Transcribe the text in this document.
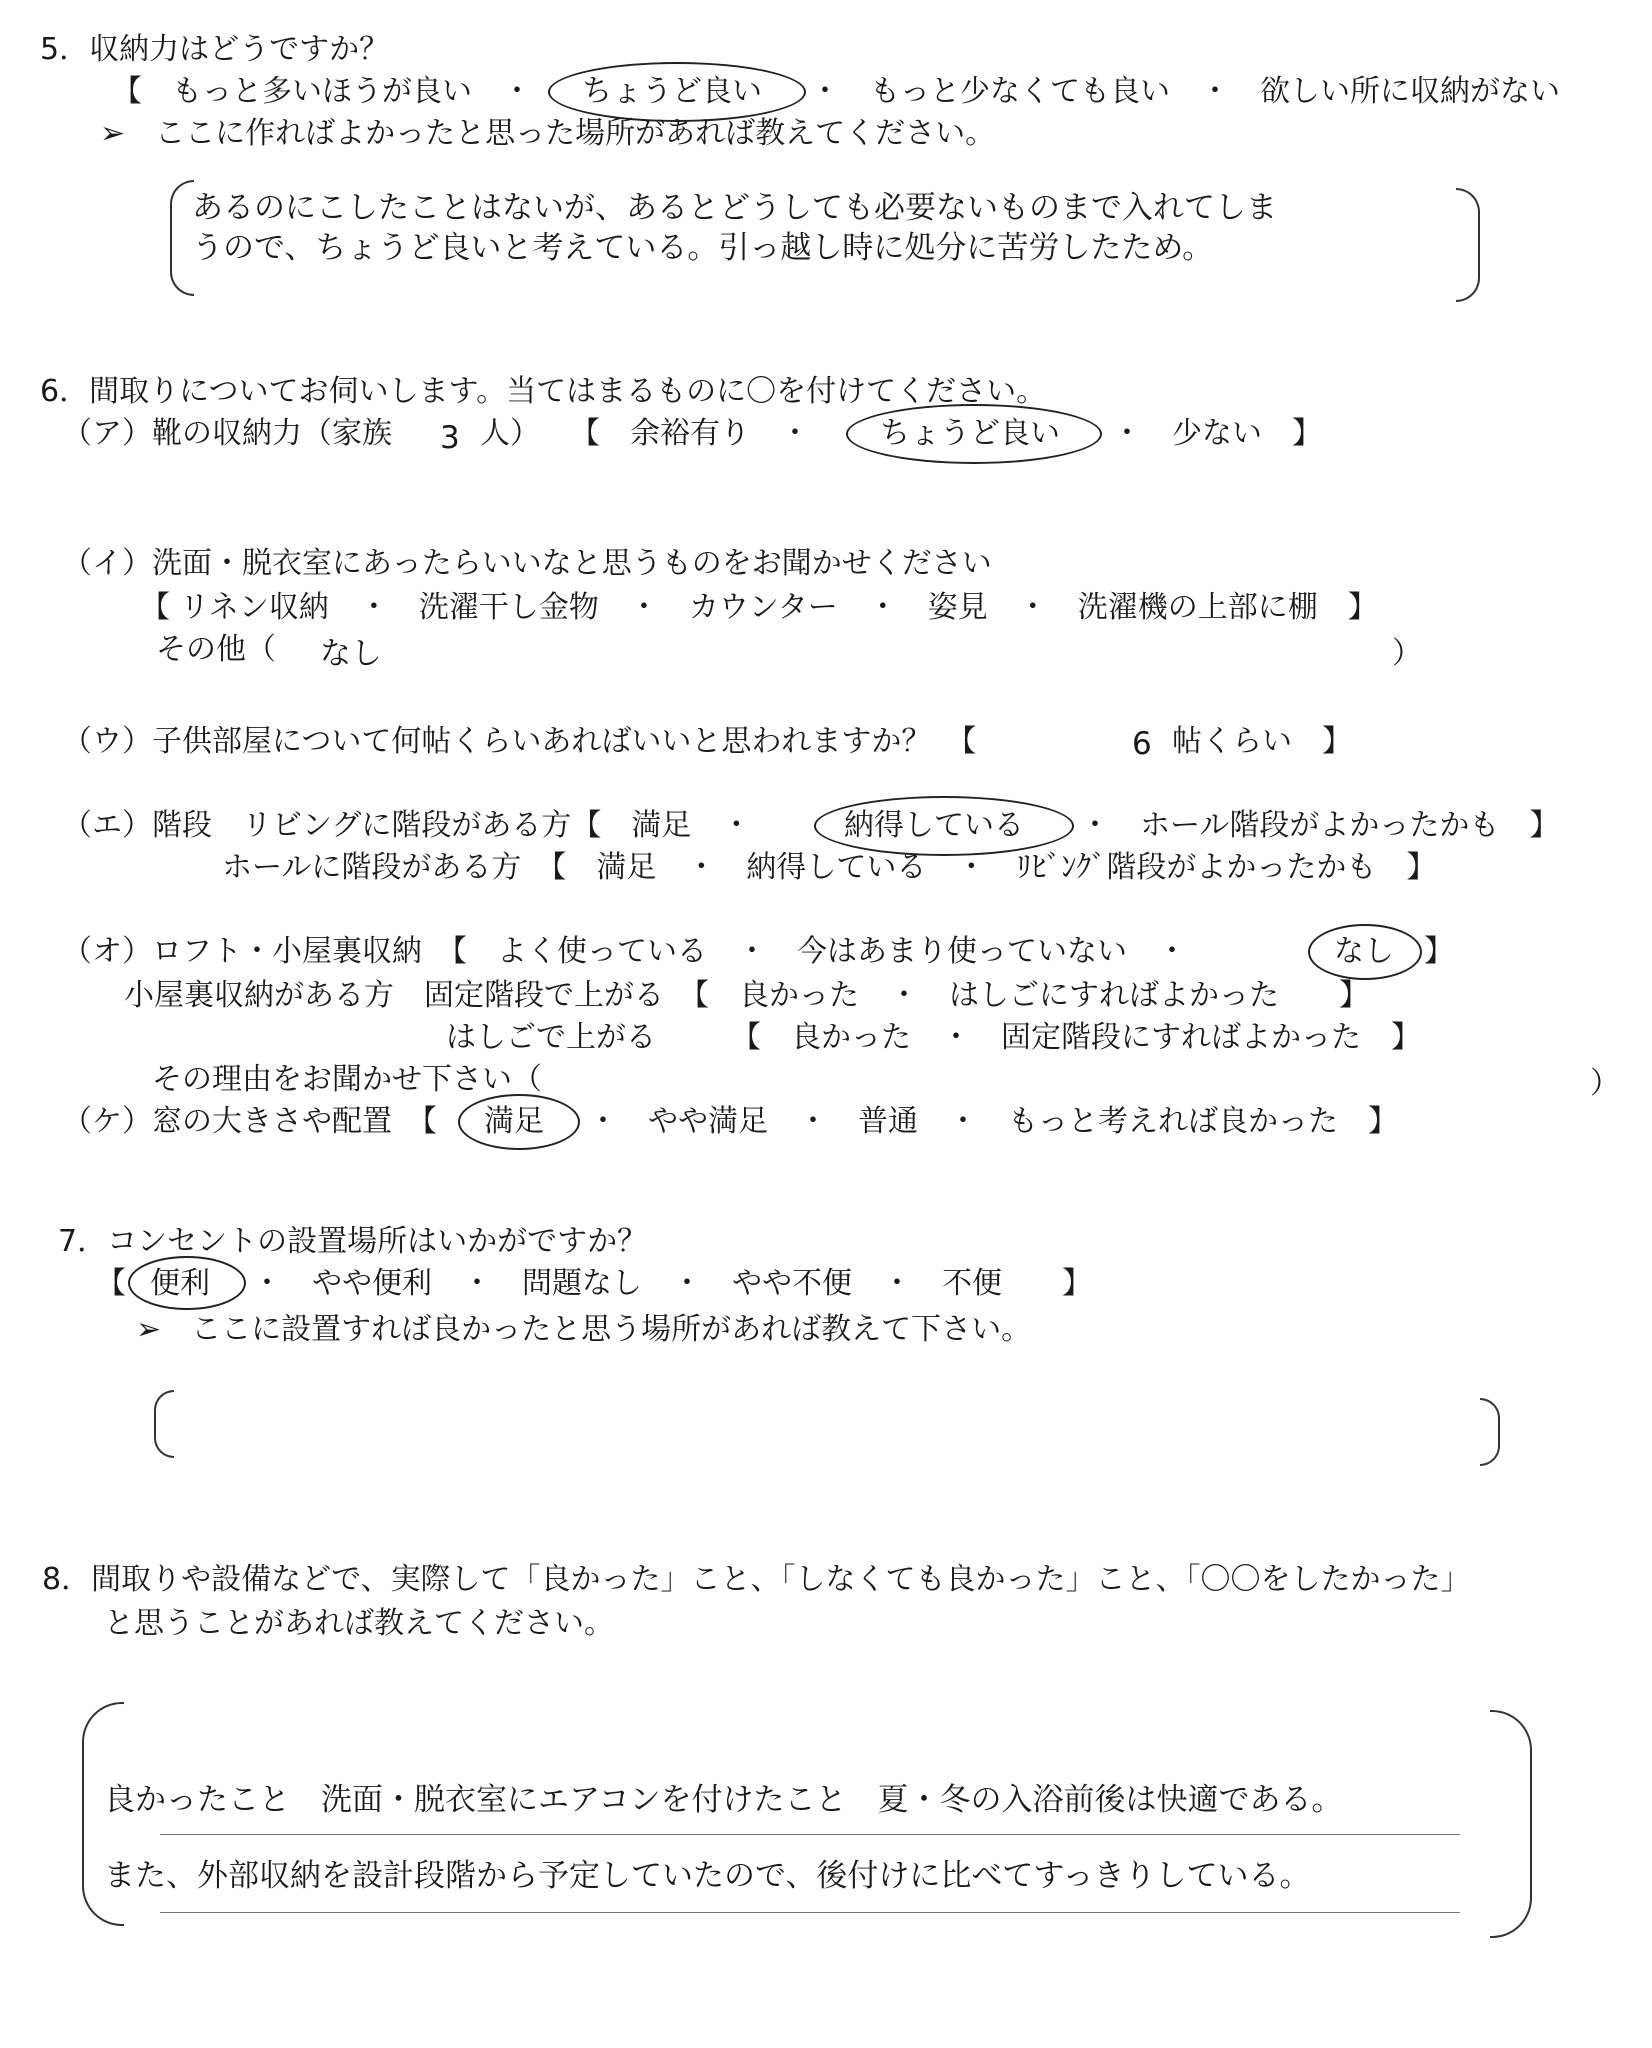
5．収納力はどうですか？
【　もっと多いほうが良い　・ ちょうど良い ・　もっと少なくても良い　・　欲しい所に収納がない
➢　ここに作ればよかったと思った場所があれば教えてください。
あるのにこしたことはないが、あるとどうしても必要ないものまで入れてしま
うので、ちょうど良いと考えている。引っ越し時に処分に苦労したため。
6．間取りについてお伺いします。当てはまるものに〇を付けてください。
（ア）靴の収納力（家族 3 人）　　【　余裕有り　・ ちょうど良い ・　少ない　】
（イ）洗面・脱衣室にあったらいいなと思うものをお聞かせください
【 リネン収納　・　洗濯干し金物　・　カウンター　・　姿見　・　洗濯機の上部に棚　】
その他（ なし	）
（ウ）子供部屋について何帖くらいあればいいと思われますか？　【	6 帖くらい　】
（エ）階段　リビングに階段がある方【　満足　・	納得している ・　ホール階段がよかったかも　】
ホールに階段がある方　【　満足　・　納得している　・　ﾘﾋﾞﾝｸﾞ階段がよかったかも　】
（オ）ロフト・小屋裏収納　【　よく使っている　・　今はあまり使っていない　・	なし 】
小屋裏収納がある方　固定階段で上がる　【　良かった　・　はしごにすればよかった　　】
はしごで上がる　　　【　良かった　・　固定階段にすればよかった　】
その理由をお聞かせ下さい（	）
（ケ）窓の大きさや配置　【 満足 ・　やや満足　・　普通　・　もっと考えれば良かった　】
7．コンセントの設置場所はいかがですか？
【 便利 ・　やや便利　・　問題なし　・　やや不便　・　不便　　】
➢　ここに設置すれば良かったと思う場所があれば教えて下さい。
8．間取りや設備などで、実際して「良かった」こと、「しなくても良かった」こと、「〇〇をしたかった」
と思うことがあれば教えてください。
良かったこと　洗面・脱衣室にエアコンを付けたこと　夏・冬の入浴前後は快適である。
また、外部収納を設計段階から予定していたので、後付けに比べてすっきりしている。
